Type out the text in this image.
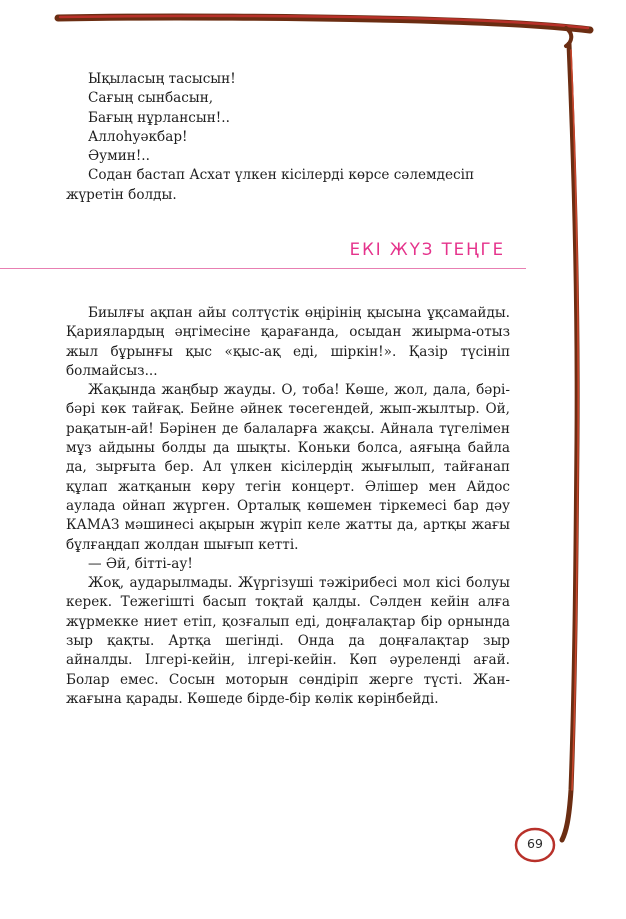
Ықыласың тасысын!

Сағың сынбасын,

Бағың нұрлансын!..

Аллоһуәкбар!

Әумин!..

Содан бастап Асхат үлкен кісілерді көрсе сәлемдесіп

жүретін болды.

ЕКІ ЖҮЗ ТЕҢГЕ

Биылғы ақпан айы солтүстік өңірінің қысына ұқсамайды. Қариялардың әңгімесіне қарағанда, осыдан жиырма-отыз жыл бұрынғы қыс «қыс-ақ еді, шіркін!». Қазір түсініп болмайсыз...

Жақында жаңбыр жауды. О, тоба! Көше, жол, дала, бәрі-бәрі көк тайғақ. Бейне әйнек төсегендей, жып-жылтыр. Ой, рақатын-ай! Бәрінен де балаларға жақсы. Айнала түгелімен мұз айдыны болды да шықты. Коньки болса, аяғыңа байла да, зырғыта бер. Ал үлкен кісілердің жығылып, тайғанап құлап жатқанын көру тегін концерт. Әлішер мен Айдос аулада ойнап жүрген. Орталық көшемен тіркемесі бар дәу КАМАЗ мәшинесі ақырын жүріп келе жатты да, артқы жағы бұлғаңдап жолдан шығып кетті.

— Әй, бітті-ау!

Жоқ, аударылмады. Жүргізуші тәжірибесі мол кісі болуы керек. Тежегішті басып тоқтай қалды. Сәлден кейін алға жүрмекке ниет етіп, қозғалып еді, доңғалақтар бір орнында зыр қақты. Артқа шегінді. Онда да доңғалақтар зыр айналды. Ілгері-кейін, ілгері-кейін. Көп әуреленді ағай. Болар емес. Сосын моторын сөндіріп жерге түсті. Жан-жағына қарады. Көшеде бірде-бір көлік көрінбейді.

69
